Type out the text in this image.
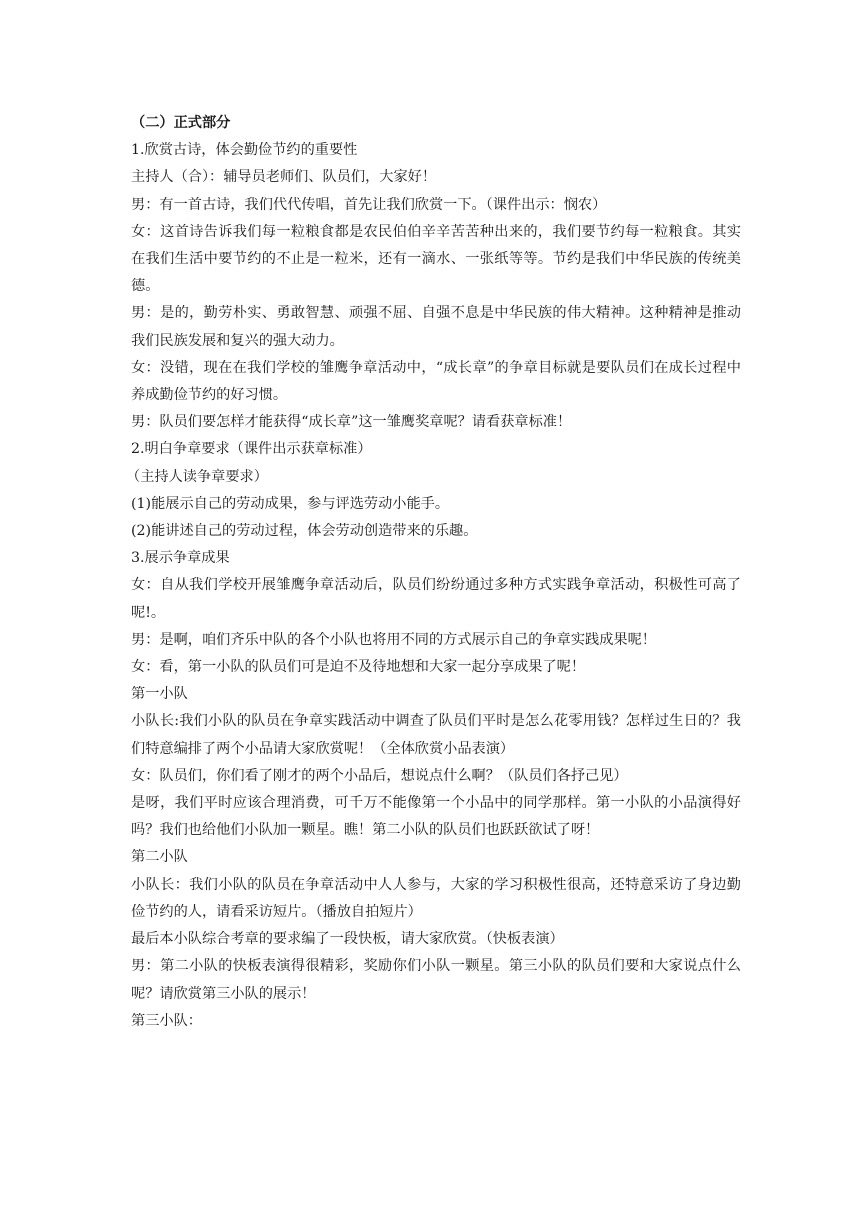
（二）正式部分

1.欣赏古诗，体会勤俭节约的重要性

主持人（合）：辅导员老师们、队员们，大家好！

男：有一首古诗，我们代代传唱，首先让我们欣赏一下。（课件出示：悯农）

女：这首诗告诉我们每一粒粮食都是农民伯伯辛辛苦苦种出来的，我们要节约每一粒粮食。其实在我们生活中要节约的不止是一粒米，还有一滴水、一张纸等等。节约是我们中华民族的传统美德。

男：是的，勤劳朴实、勇敢智慧、顽强不屈、自强不息是中华民族的伟大精神。这种精神是推动我们民族发展和复兴的强大动力。

女：没错，现在在我们学校的雏鹰争章活动中，“成长章”的争章目标就是要队员们在成长过程中养成勤俭节约的好习惯。

男：队员们要怎样才能获得“成长章”这一雏鹰奖章呢？请看获章标准！

2.明白争章要求（课件出示获章标准）

（主持人读争章要求）

(1)能展示自己的劳动成果，参与评选劳动小能手。

(2)能讲述自己的劳动过程，体会劳动创造带来的乐趣。

3.展示争章成果

女：自从我们学校开展雏鹰争章活动后，队员们纷纷通过多种方式实践争章活动，积极性可高了呢!。

男：是啊，咱们齐乐中队的各个小队也将用不同的方式展示自己的争章实践成果呢！

女：看，第一小队的队员们可是迫不及待地想和大家一起分享成果了呢！

第一小队

小队长:我们小队的队员在争章实践活动中调查了队员们平时是怎么花零用钱？怎样过生日的？我们特意编排了两个小品请大家欣赏呢！（全体欣赏小品表演）

女：队员们，你们看了刚才的两个小品后，想说点什么啊？（队员们各抒己见）

是呀，我们平时应该合理消费，可千万不能像第一个小品中的同学那样。第一小队的小品演得好吗？我们也给他们小队加一颗星。瞧！第二小队的队员们也跃跃欲试了呀！

第二小队

小队长：我们小队的队员在争章活动中人人参与，大家的学习积极性很高，还特意采访了身边勤俭节约的人，请看采访短片。（播放自拍短片）

最后本小队综合考章的要求编了一段快板，请大家欣赏。（快板表演）

男：第二小队的快板表演得很精彩，奖励你们小队一颗星。第三小队的队员们要和大家说点什么呢？请欣赏第三小队的展示！

第三小队：
